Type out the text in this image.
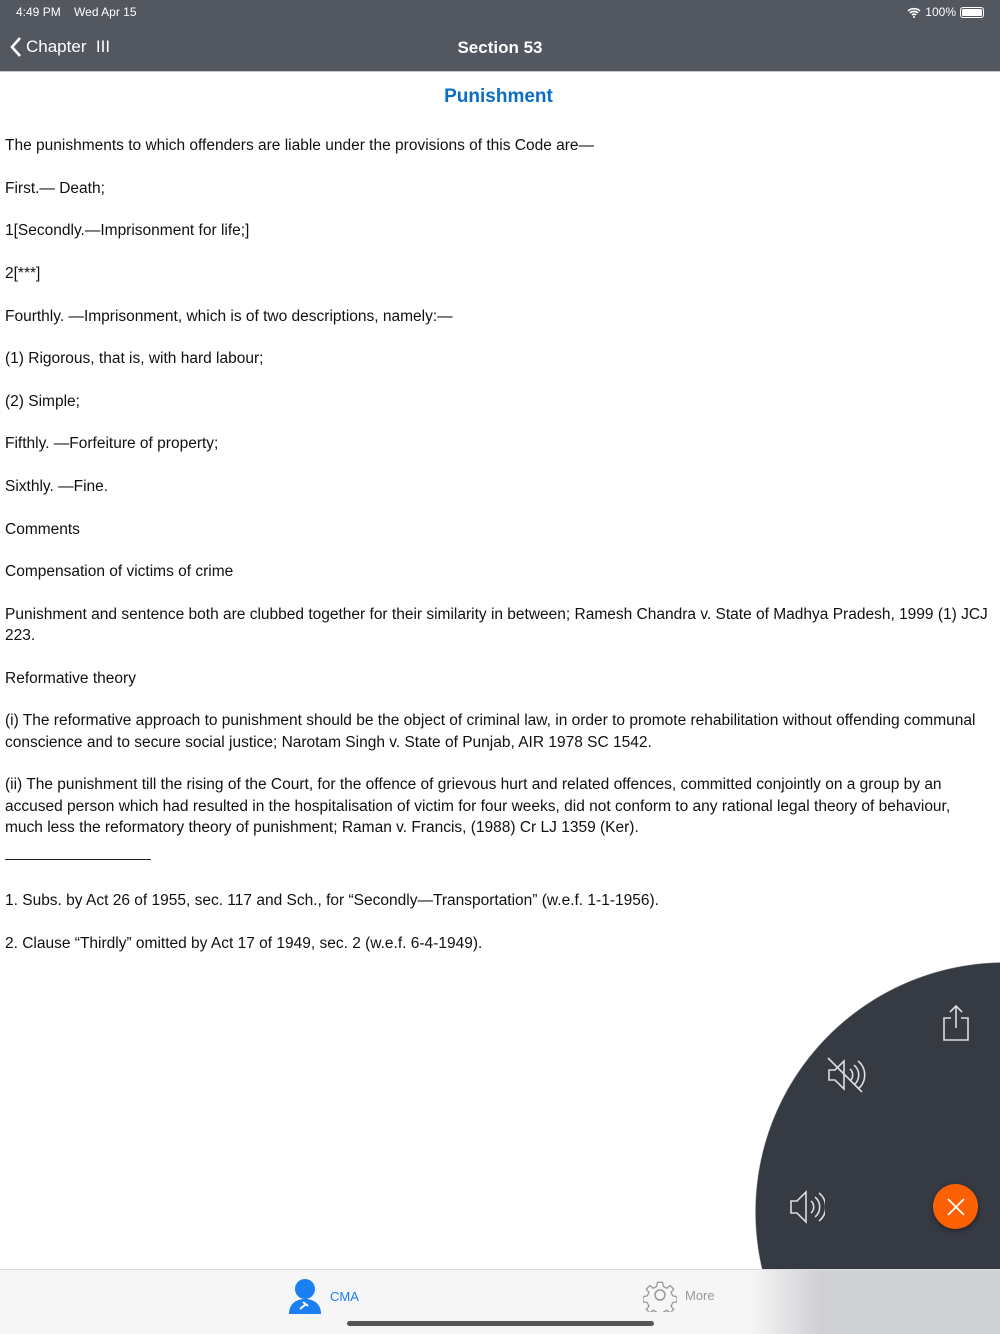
4:49 PM Wed Apr 15	100%
Chapter  III	Section 53
Punishment

The punishments to which offenders are liable under the provisions of this Code are—

First.— Death;

1[Secondly.—Imprisonment for life;]

2[***]

Fourthly. —Imprisonment, which is of two descriptions, namely:—

(1) Rigorous, that is, with hard labour;

(2) Simple;

Fifthly. —Forfeiture of property;

Sixthly. —Fine.

Comments

Compensation of victims of crime

Punishment and sentence both are clubbed together for their similarity in between; Ramesh Chandra v. State of Madhya Pradesh, 1999 (1) JCJ 223.

Reformative theory

(i) The reformative approach to punishment should be the object of criminal law, in order to promote rehabilitation without offending communal conscience and to secure social justice; Narotam Singh v. State of Punjab, AIR 1978 SC 1542.

(ii) The punishment till the rising of the Court, for the offence of grievous hurt and related offences, committed conjointly on a group by an accused person which had resulted in the hospitalisation of victim for four weeks, did not conform to any rational legal theory of behaviour, much less the reformatory theory of punishment; Raman v. Francis, (1988) Cr LJ 1359 (Ker).

1. Subs. by Act 26 of 1955, sec. 117 and Sch., for “Secondly—Transportation” (w.e.f. 1-1-1956).

2. Clause “Thirdly” omitted by Act 17 of 1949, sec. 2 (w.e.f. 6-4-1949).

CMA	More
